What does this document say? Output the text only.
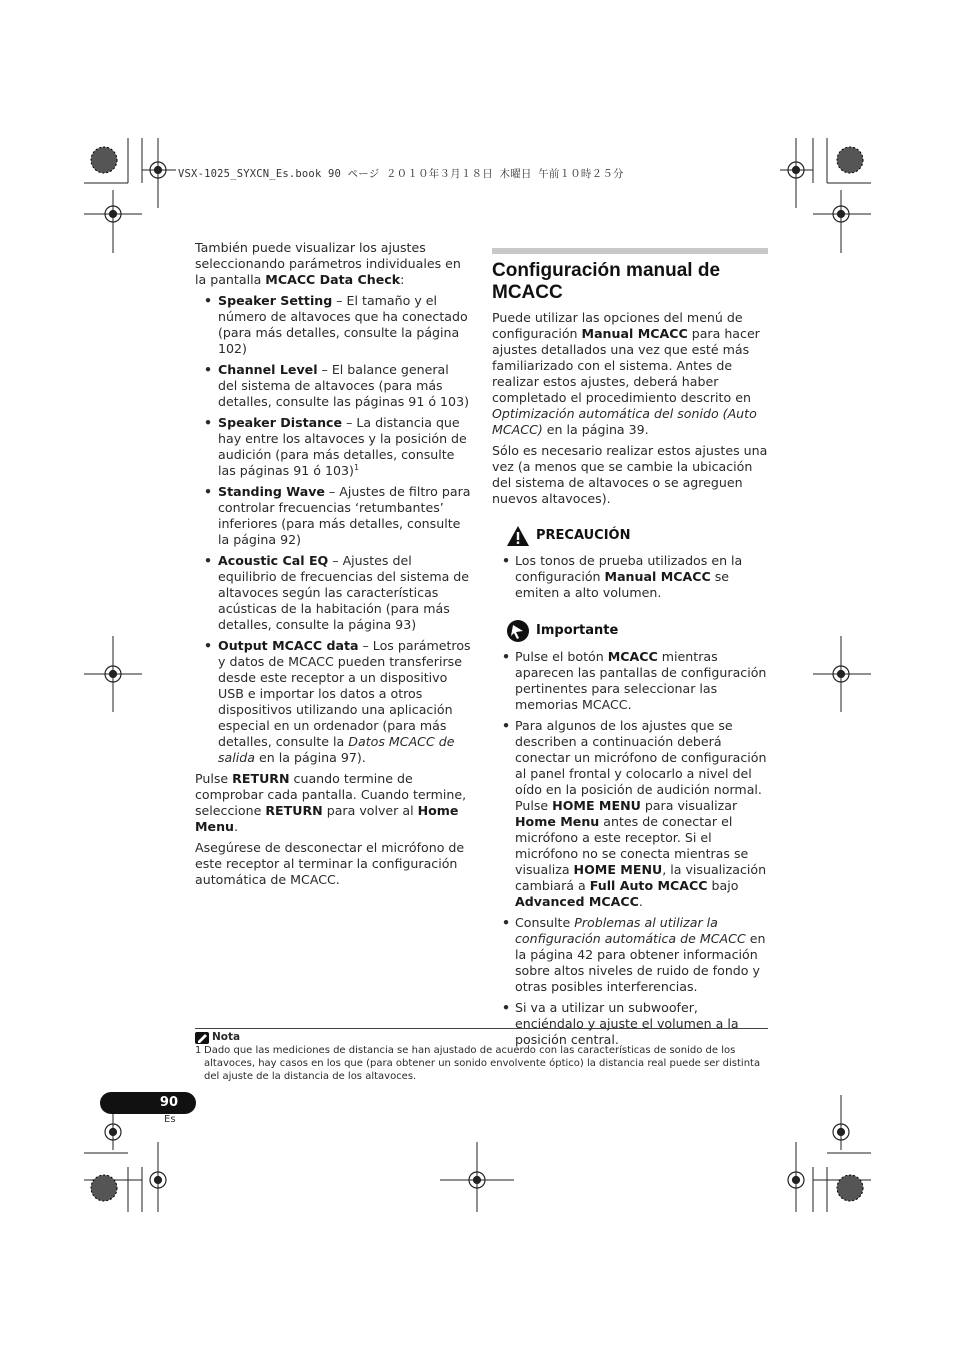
VSX-1025_SYXCN_Es.book 90 ページ ２０１０年３月１８日 木曜日 午前１０時２５分

También puede visualizar los ajustes seleccionando parámetros individuales en la pantalla MCACC Data Check:

• Speaker Setting – El tamaño y el número de altavoces que ha conectado (para más detalles, consulte la página 102)
• Channel Level – El balance general del sistema de altavoces (para más detalles, consulte las páginas 91 ó 103)
• Speaker Distance – La distancia que hay entre los altavoces y la posición de audición (para más detalles, consulte las páginas 91 ó 103)$^1$
• Standing Wave – Ajustes de filtro para controlar frecuencias ‘retumbantes’ inferiores (para más detalles, consulte la página 92)
• Acoustic Cal EQ – Ajustes del equilibrio de frecuencias del sistema de altavoces según las características acústicas de la habitación (para más detalles, consulte la página 93)
• Output MCACC data – Los parámetros y datos de MCACC pueden transferirse desde este receptor a un dispositivo USB e importar los datos a otros dispositivos utilizando una aplicación especial en un ordenador (para más detalles, consulte la Datos MCACC de salida en la página 97).

Pulse RETURN cuando termine de comprobar cada pantalla. Cuando termine, seleccione RETURN para volver al Home Menu.

Asegúrese de desconectar el micrófono de este receptor al terminar la configuración automática de MCACC.

Configuración manual de MCACC

Puede utilizar las opciones del menú de configuración Manual MCACC para hacer ajustes detallados una vez que esté más familiarizado con el sistema. Antes de realizar estos ajustes, deberá haber completado el procedimiento descrito en Optimización automática del sonido (Auto MCACC) en la página 39.

Sólo es necesario realizar estos ajustes una vez (a menos que se cambie la ubicación del sistema de altavoces o se agreguen nuevos altavoces).

PRECAUCIÓN
• Los tonos de prueba utilizados en la configuración Manual MCACC se emiten a alto volumen.
Importante
• Pulse el botón MCACC mientras aparecen las pantallas de configuración pertinentes para seleccionar las memorias MCACC.
• Para algunos de los ajustes que se describen a continuación deberá conectar un micrófono de configuración al panel frontal y colocarlo a nivel del oído en la posición de audición normal. Pulse HOME MENU para visualizar Home Menu antes de conectar el micrófono a este receptor. Si el micrófono no se conecta mientras se visualiza HOME MENU, la visualización cambiará a Full Auto MCACC bajo Advanced MCACC.
• Consulte Problemas al utilizar la configuración automática de MCACC en la página 42 para obtener información sobre altos niveles de ruido de fondo y otras posibles interferencias.
• Si va a utilizar un subwoofer, enciéndalo y ajuste el volumen a la posición central.
Nota
1 Dado que las mediciones de distancia se han ajustado de acuerdo con las características de sonido de los altavoces, hay casos en los que (para obtener un sonido envolvente óptico) la distancia real puede ser distinta del ajuste de la distancia de los altavoces.
90
Es
